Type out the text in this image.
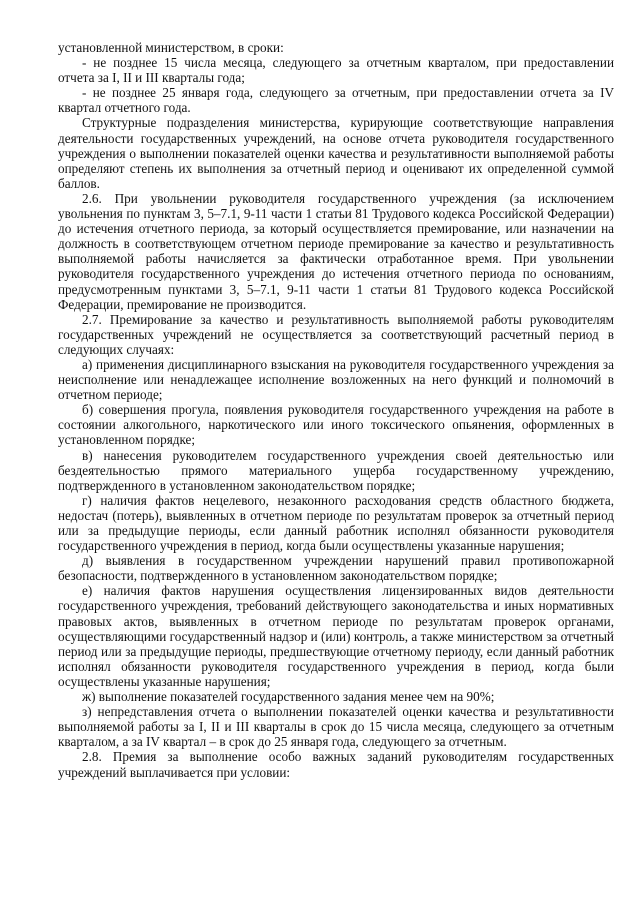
установленной министерством, в сроки:

- не позднее 15 числа месяца, следующего за отчетным кварталом, при предоставлении отчета за I, II и III кварталы года;

- не позднее 25 января года, следующего за отчетным, при предоставлении отчета за IV квартал отчетного года.

Структурные подразделения министерства, курирующие соответствующие направления деятельности государственных учреждений, на основе отчета руководителя государственного учреждения о выполнении показателей оценки качества и результативности выполняемой работы определяют степень их выполнения за отчетный период и оценивают их определенной суммой баллов.

2.6. При увольнении руководителя государственного учреждения (за исключением увольнения по пунктам 3, 5–7.1, 9-11 части 1 статьи 81 Трудового кодекса Российской Федерации) до истечения отчетного периода, за который осуществляется премирование, или назначении на должность в соответствующем отчетном периоде премирование за качество и результативность выполняемой работы начисляется за фактически отработанное время. При увольнении руководителя государственного учреждения до истечения отчетного периода по основаниям, предусмотренным пунктами 3, 5–7.1, 9-11 части 1 статьи 81 Трудового кодекса Российской Федерации, премирование не производится.

2.7. Премирование за качество и результативность выполняемой работы руководителям государственных учреждений не осуществляется за соответствующий расчетный период в следующих случаях:

а) применения дисциплинарного взыскания на руководителя государственного учреждения за неисполнение или ненадлежащее исполнение возложенных на него функций и полномочий в отчетном периоде;

б) совершения прогула, появления руководителя государственного учреждения на работе в состоянии алкогольного, наркотического или иного токсического опьянения, оформленных в установленном порядке;

в) нанесения руководителем государственного учреждения своей деятельностью или бездеятельностью прямого материального ущерба государственному учреждению, подтвержденного в установленном законодательством порядке;

г) наличия фактов нецелевого, незаконного расходования средств областного бюджета, недостач (потерь), выявленных в отчетном периоде по результатам проверок за отчетный период или за предыдущие периоды, если данный работник исполнял обязанности руководителя государственного учреждения в период, когда были осуществлены указанные нарушения;

д) выявления в государственном учреждении нарушений правил противопожарной безопасности, подтвержденного в установленном законодательством порядке;

е) наличия фактов нарушения осуществления лицензированных видов деятельности государственного учреждения, требований действующего законодательства и иных нормативных правовых актов, выявленных в отчетном периоде по результатам проверок органами, осуществляющими государственный надзор и (или) контроль, а также министерством за отчетный период или за предыдущие периоды, предшествующие отчетному периоду, если данный работник исполнял обязанности руководителя государственного учреждения в период, когда были осуществлены указанные нарушения;

ж) выполнение показателей государственного задания менее чем на 90%;

з) непредставления отчета о выполнении показателей оценки качества и результативности выполняемой работы за I, II и III кварталы в срок до 15 числа месяца, следующего за отчетным кварталом, а за IV квартал – в срок до 25 января года, следующего за отчетным.

2.8. Премия за выполнение особо важных заданий руководителям государственных учреждений выплачивается при условии:
